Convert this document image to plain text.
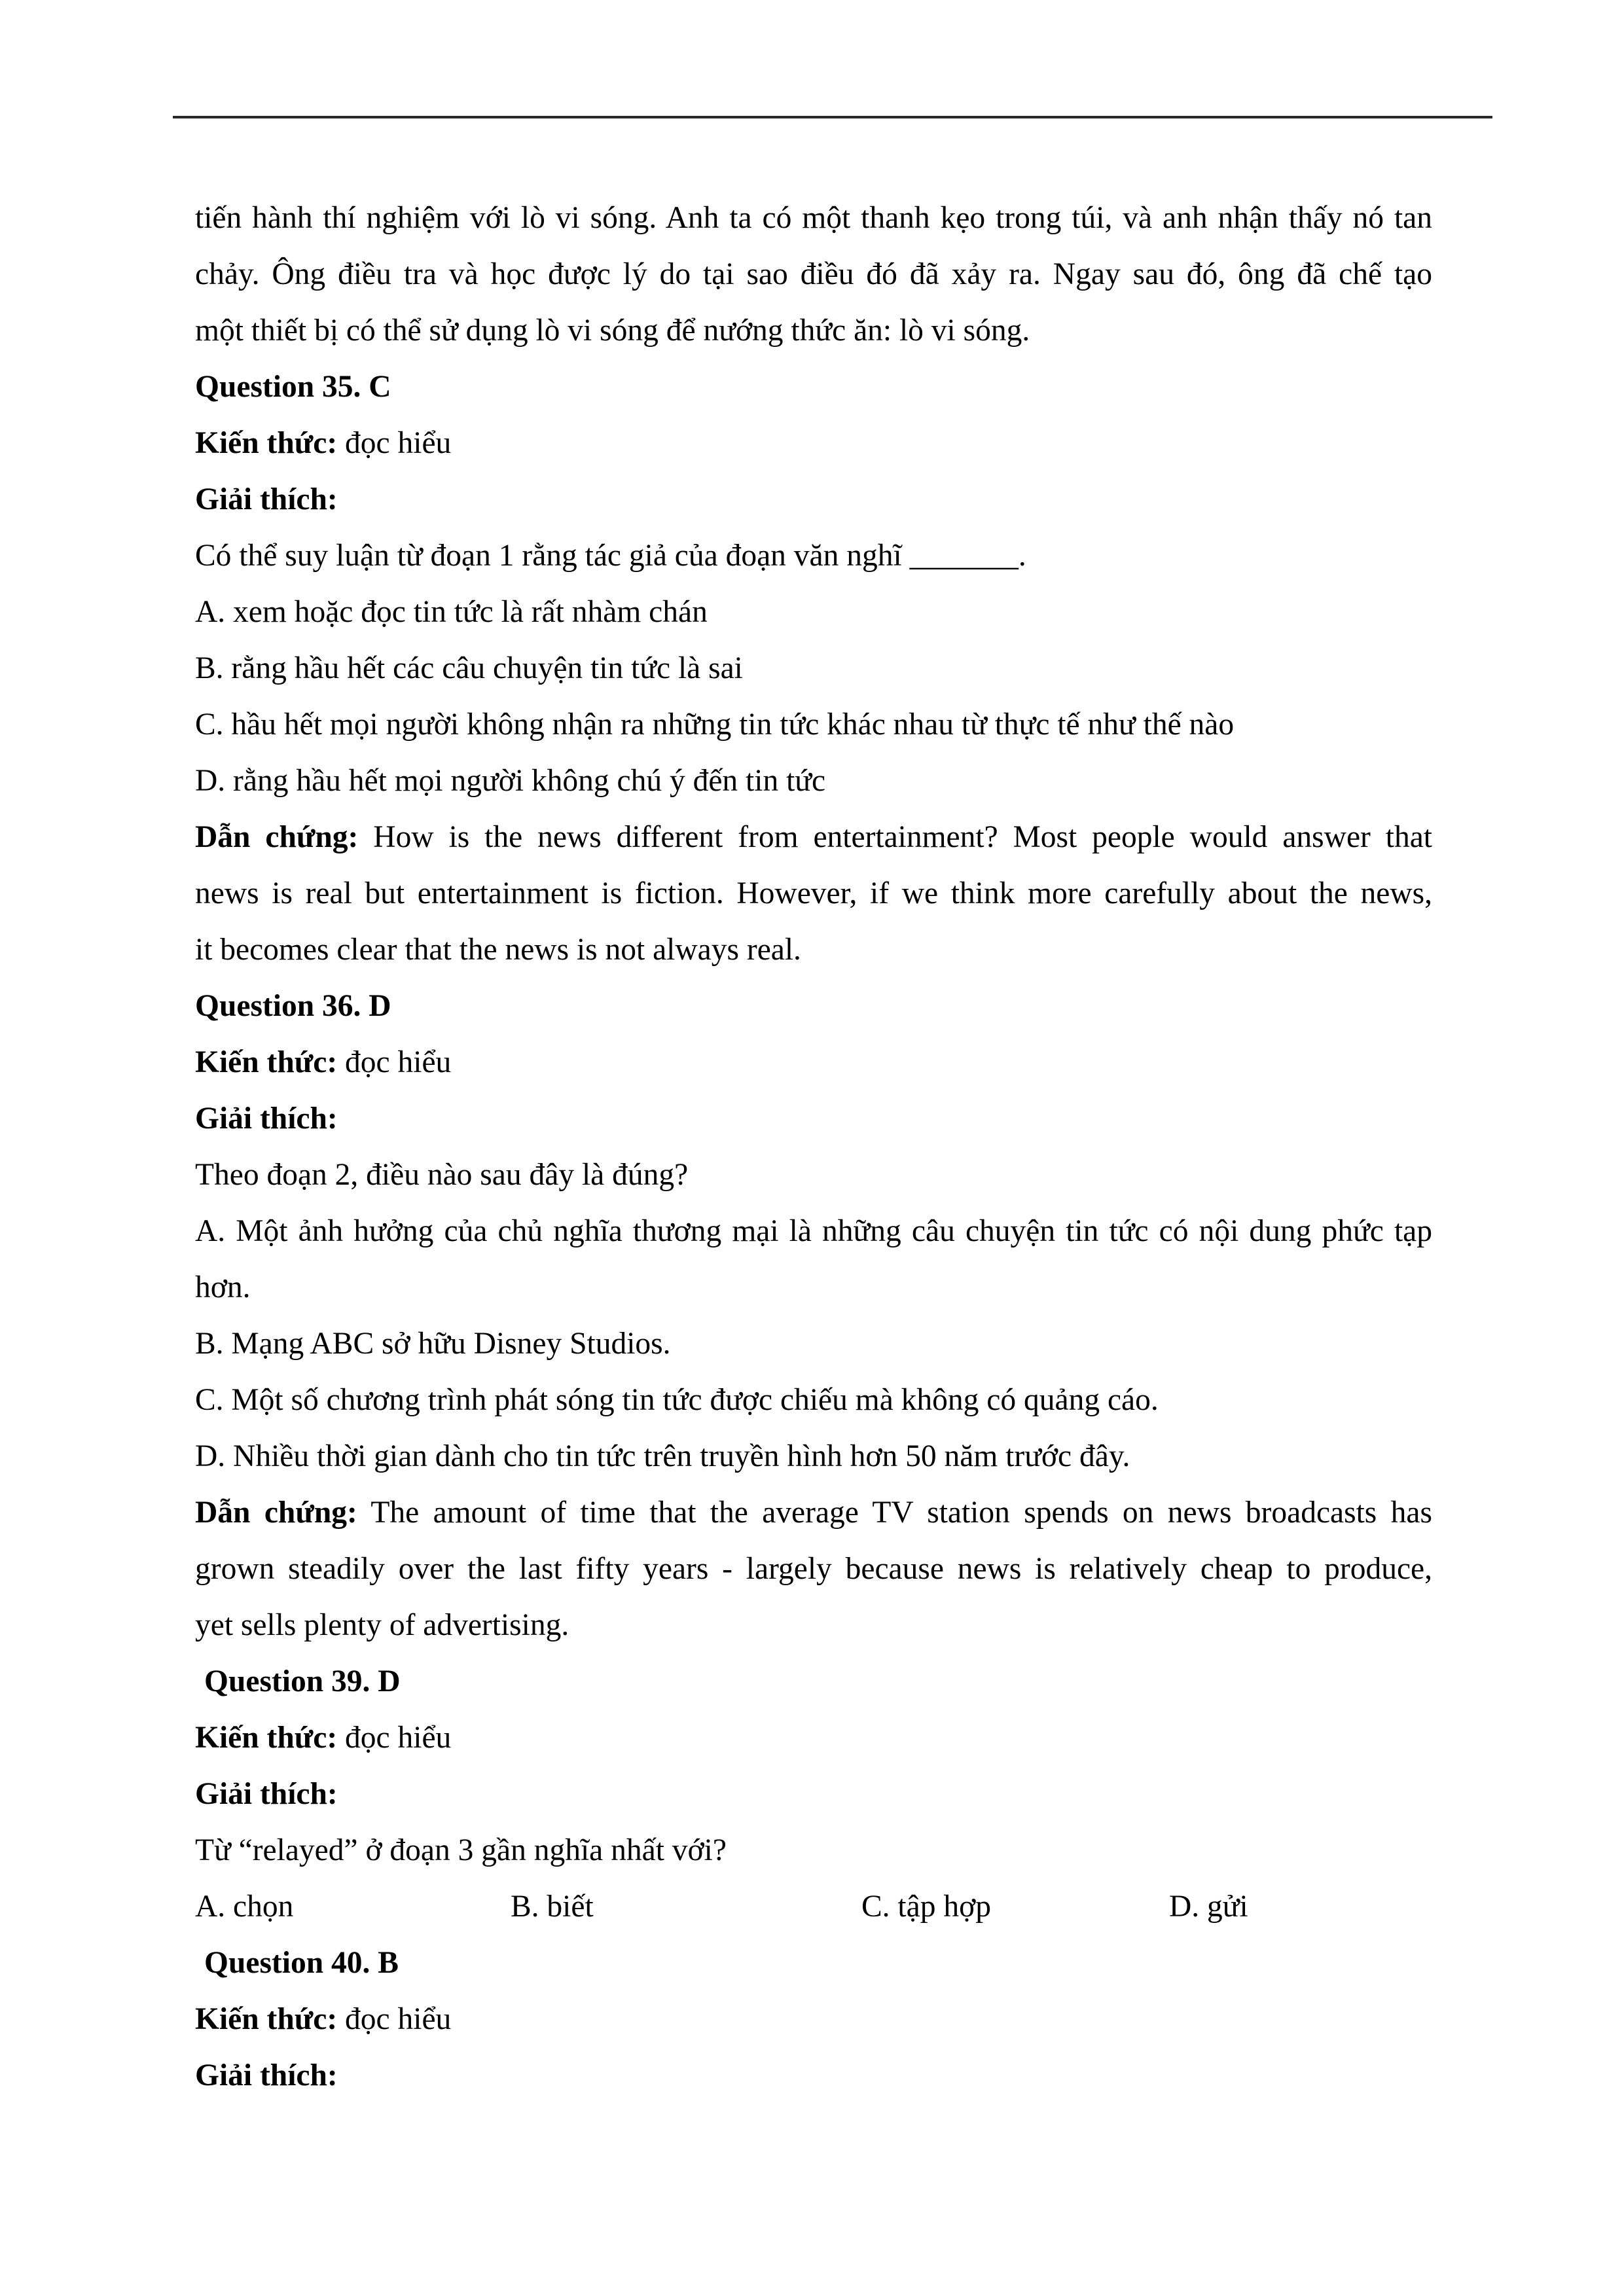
tiến hành thí nghiệm với lò vi sóng. Anh ta có một thanh kẹo trong túi, và anh nhận thấy nó tan
chảy. Ông điều tra và học được lý do tại sao điều đó đã xảy ra. Ngay sau đó, ông đã chế tạo
một thiết bị có thể sử dụng lò vi sóng để nướng thức ăn: lò vi sóng.
Question 35. C
Kiến thức: đọc hiểu
Giải thích:
Có thể suy luận từ đoạn 1 rằng tác giả của đoạn văn nghĩ _______.
A. xem hoặc đọc tin tức là rất nhàm chán
B. rằng hầu hết các câu chuyện tin tức là sai
C. hầu hết mọi người không nhận ra những tin tức khác nhau từ thực tế như thế nào
D. rằng hầu hết mọi người không chú ý đến tin tức
Dẫn chứng: How is the news different from entertainment? Most people would answer that
news is real but entertainment is fiction. However, if we think more carefully about the news,
it becomes clear that the news is not always real.
Question 36. D
Kiến thức: đọc hiểu
Giải thích:
Theo đoạn 2, điều nào sau đây là đúng?
A. Một ảnh hưởng của chủ nghĩa thương mại là những câu chuyện tin tức có nội dung phức tạp
hơn.
B. Mạng ABC sở hữu Disney Studios.
C. Một số chương trình phát sóng tin tức được chiếu mà không có quảng cáo.
D. Nhiều thời gian dành cho tin tức trên truyền hình hơn 50 năm trước đây.
Dẫn chứng: The amount of time that the average TV station spends on news broadcasts has
grown steadily over the last fifty years - largely because news is relatively cheap to produce,
yet sells plenty of advertising.
Question 39. D
Kiến thức: đọc hiểu
Giải thích:
Từ “relayed” ở đoạn 3 gần nghĩa nhất với?
A. chọn	B. biết	C. tập hợp	D. gửi
Question 40. B
Kiến thức: đọc hiểu
Giải thích:
